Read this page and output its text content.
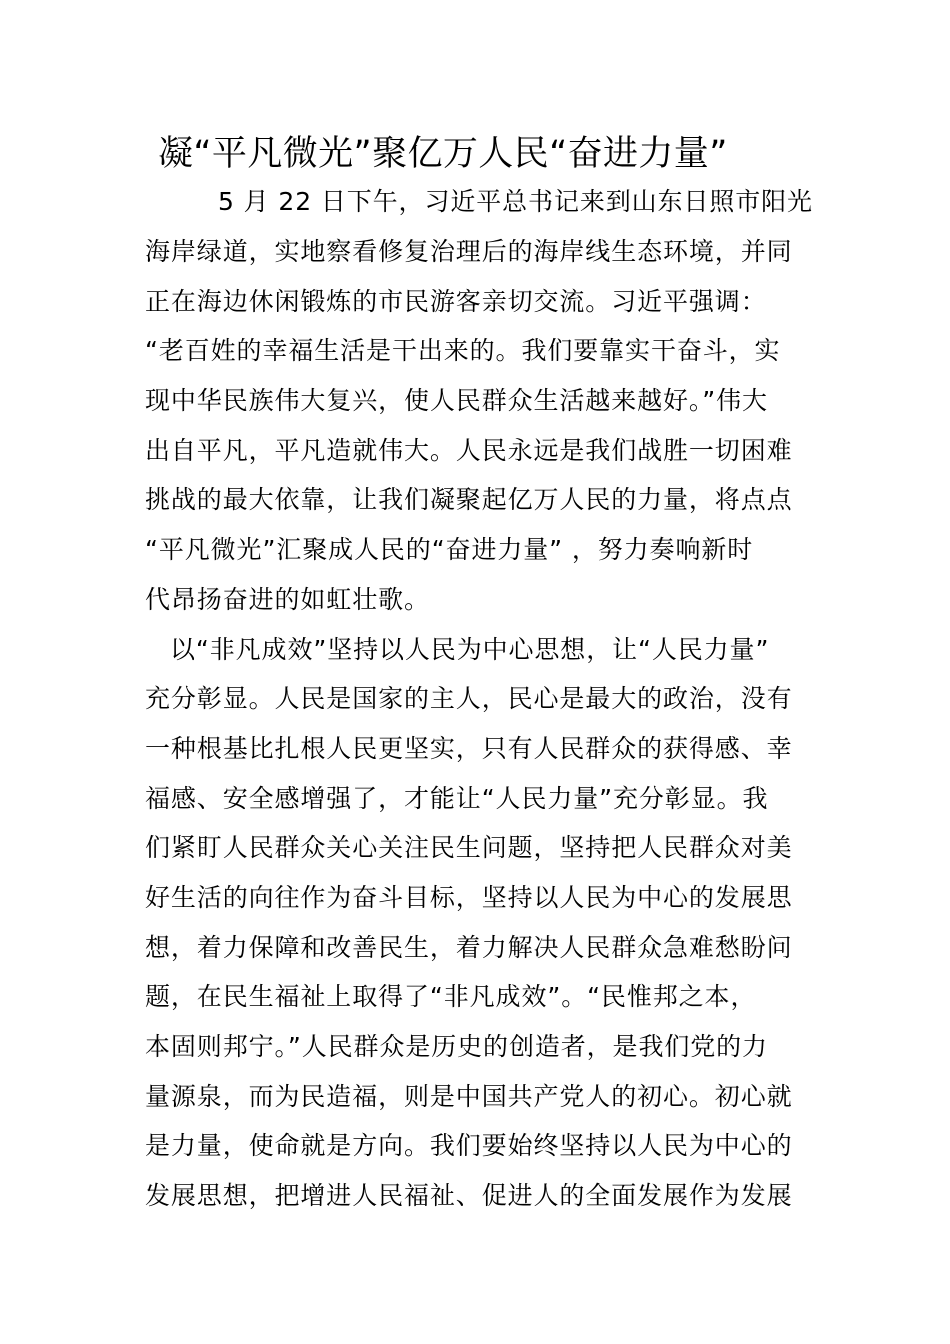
凝“平凡微光”聚亿万人民“奋进力量”
5 月 22 日下午，习近平总书记来到山东日照市阳光
海岸绿道，实地察看修复治理后的海岸线生态环境，并同
正在海边休闲锻炼的市民游客亲切交流。习近平强调：
“老百姓的幸福生活是干出来的。我们要靠实干奋斗，实
现中华民族伟大复兴，使人民群众生活越来越好。”伟大
出自平凡，平凡造就伟大。人民永远是我们战胜一切困难
挑战的最大依靠，让我们凝聚起亿万人民的力量，将点点
“平凡微光”汇聚成人民的“奋进力量” ，努力奏响新时
代昂扬奋进的如虹壮歌。
以“非凡成效”坚持以人民为中心思想，让“人民力量”
充分彰显。人民是国家的主人，民心是最大的政治，没有
一种根基比扎根人民更坚实，只有人民群众的获得感、幸
福感、安全感增强了，才能让“人民力量”充分彰显。我
们紧盯人民群众关心关注民生问题，坚持把人民群众对美
好生活的向往作为奋斗目标，坚持以人民为中心的发展思
想，着力保障和改善民生，着力解决人民群众急难愁盼问
题，在民生福祉上取得了“非凡成效”。“民惟邦之本，
本固则邦宁。”人民群众是历史的创造者，是我们党的力
量源泉，而为民造福，则是中国共产党人的初心。初心就
是力量，使命就是方向。我们要始终坚持以人民为中心的
发展思想，把增进人民福祉、促进人的全面发展作为发展
